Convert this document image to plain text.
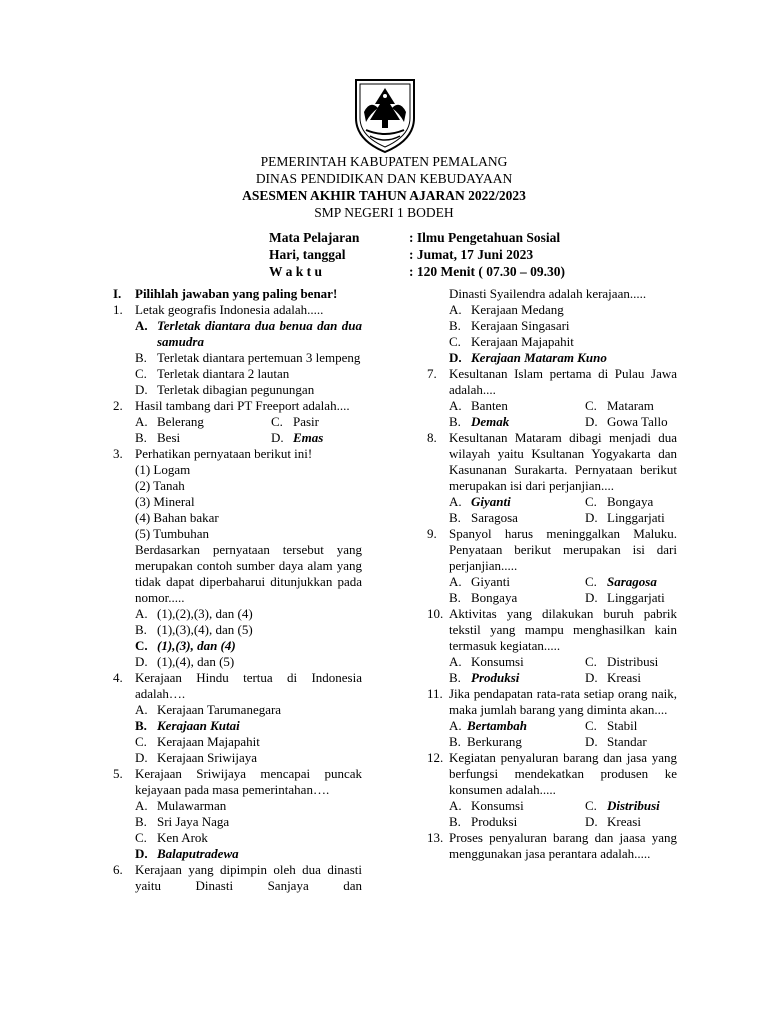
PEMERINTAH KABUPATEN PEMALANG
DINAS PENDIDIKAN DAN KEBUDAYAAN
ASESMEN AKHIR TAHUN AJARAN 2022/2023
SMP NEGERI 1 BODEH
Mata Pelajaran	: Ilmu Pengetahuan Sosial
Hari, tanggal	: Jumat, 17 Juni 2023
W a k t u	: 120 Menit ( 07.30 – 09.30)
I.	Pilihlah jawaban yang paling benar!
1. Letak geografis Indonesia adalah.....
A. Terletak diantara dua benua dan dua samudra
B. Terletak diantara pertemuan 3 lempeng
C. Terletak diantara 2 lautan
D. Terletak dibagian pegunungan
2. Hasil tambang dari PT Freeport adalah....
A. Belerang	C. Pasir
B. Besi	D. Emas
3. Perhatikan pernyataan berikut ini!
(1) Logam
(2) Tanah
(3) Mineral
(4) Bahan bakar
(5) Tumbuhan
Berdasarkan pernyataan tersebut yang merupakan contoh sumber daya alam yang tidak dapat diperbaharui ditunjukkan pada nomor.....
A. (1),(2),(3), dan (4)
B. (1),(3),(4), dan (5)
C. (1),(3), dan (4)
D. (1),(4), dan (5)
4. Kerajaan Hindu tertua di Indonesia adalah….
A. Kerajaan Tarumanegara
B. Kerajaan Kutai
C. Kerajaan Majapahit
D. Kerajaan Sriwijaya
5. Kerajaan Sriwijaya mencapai puncak kejayaan pada masa pemerintahan….
A. Mulawarman
B. Sri Jaya Naga
C. Ken Arok
D. Balaputradewa
6. Kerajaan yang dipimpin oleh dua dinasti yaitu Dinasti Sanjaya dan
Dinasti Syailendra adalah kerajaan.....
A. Kerajaan Medang
B. Kerajaan Singasari
C. Kerajaan Majapahit
D. Kerajaan Mataram Kuno
7. Kesultanan Islam pertama di Pulau Jawa adalah....
A. Banten	C. Mataram
B. Demak	D. Gowa Tallo
8. Kesultanan Mataram dibagi menjadi dua wilayah yaitu Ksultanan Yogyakarta dan Kasunanan Surakarta. Pernyataan berikut merupakan isi dari perjanjian....
A. Giyanti	C. Bongaya
B. Saragosa	D. Linggarjati
9. Spanyol harus meninggalkan Maluku. Penyataan berikut merupakan isi dari perjanjian.....
A. Giyanti	C. Saragosa
B. Bongaya	D. Linggarjati
10. Aktivitas yang dilakukan buruh pabrik tekstil yang mampu menghasilkan kain termasuk kegiatan.....
A. Konsumsi	C. Distribusi
B. Produksi	D. Kreasi
11. Jika pendapatan rata-rata setiap orang naik, maka jumlah barang yang diminta akan....
A. Bertambah	C. Stabil
B. Berkurang	D. Standar
12. Kegiatan penyaluran barang dan jasa yang berfungsi mendekatkan produsen ke konsumen adalah.....
A. Konsumsi	C. Distribusi
B. Produksi	D. Kreasi
13. Proses penyaluran barang dan jaasa yang menggunakan jasa perantara adalah.....
